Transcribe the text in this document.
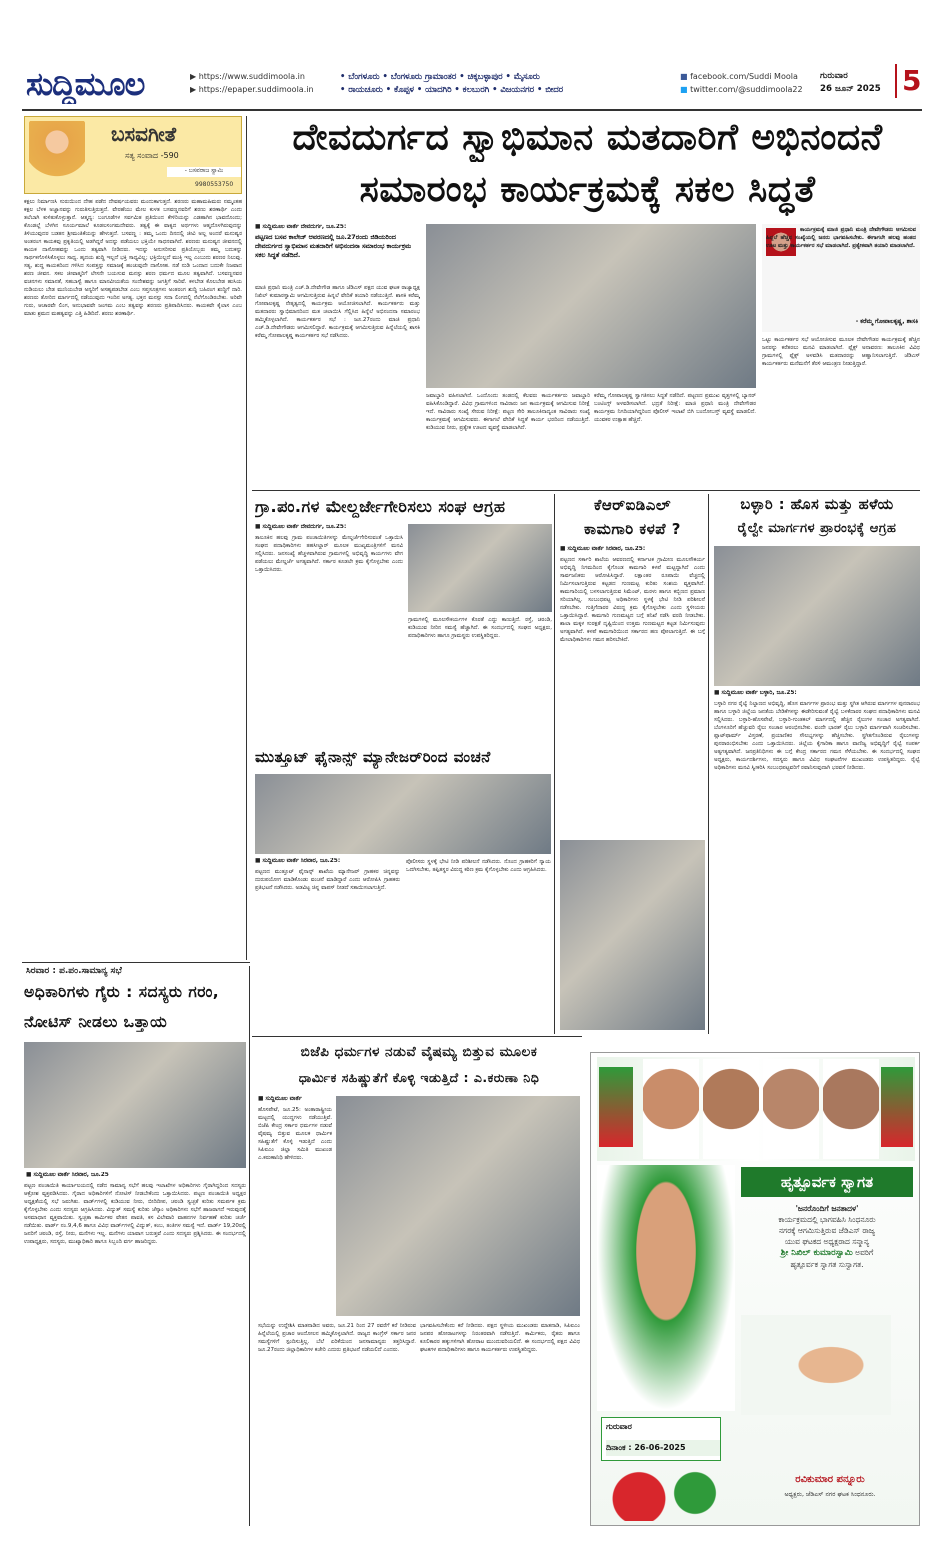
ಸುದ್ದಿಮೂಲ	▶ https://www.suddimoola.in
▶ https://epaper.suddimoola.in
• ಬೆಂಗಳೂರು • ಬೆಂಗಳೂರು ಗ್ರಾಮಾಂತರ • ಚಿಕ್ಕಬಳ್ಳಾಪುರ • ಮೈಸೂರು
• ರಾಯಚೂರು • ಕೊಪ್ಪಳ • ಯಾದಗಿರಿ • ಕಲಬುರಗಿ • ವಿಜಯನಗರ • ಬೀದರ
■ facebook.com/Suddi Moola
■ twitter.com/@suddimoola22
ಗುರುವಾರ
26 ಜೂನ್ 2025 5
ಬಸವಗೀತೆ
ಸತ್ಯ ಸಂವಾದ -590
- ಬಸವರಾಜ ಸ್ವಾಮಿ
9980553750
ಕಕ್ಷಲು ನಿರ್ಮಾಣಸಿ ಸುರುಯಿಂದ ದೇಹ ಪಡೆದ ದೇವರ್ಷಯವರು ಮಂದುಕಾಗುತ್ತದೆ. ಶರಣರು ಮಹಾಮಹಿಮರು ನಮ್ಮಂತಹ ಕಕ್ಷಲ ಬೆಳಕ ಅಜ್ಞಾನವನ್ನು ಗುರುತಿಸುತ್ತಿರುತ್ತದೆ. ವೇರಹೆಯು ಮೇಲ ಕುಳತ ಬಸವಣ್ಣನವರಿಗೆ ಶರಣು ಶರಣಾರ್ಥಿ ಎಂದು ತಲೆಬಾಗಿ ಕುಳಿತುಕೊಳ್ಳುತ್ತಾನೆ. ಆತ್ಮದ್ಯ: ಬಂಗೂಡೆಗಳ ಸರ್ವಮಿತ ಪ್ರತಿಯಿಂದ ಕೇಳಿರಿಯನ್ನು ಎಡಹಾಗಿನ ಭಾವದೊಂದು; ಕೊಂಡಲ್ಲೆ ಬೆಳಗಿನ ಸೂರ್ಯಮಾಲೆ ಕೂಡಲಸಂಗಮದೇವರು. ತತ್ವಕ್ಕೆ ಈ ವಾಕ್ಯದ ಅರ್ಥಗಳು ಆತ್ಮದೊಳಗಿರುವುದನ್ನು ತಿಳಿಯುವುದರ ಬಡತನ ಶ್ರೀಮಂತಿಕೆಯನ್ನು ಹೇಳುತ್ತದೆ. ಬಸವಣ್ಣ : ತಮ್ಮ ಒಂದು ದಿನದಲ್ಲಿ ಜೀವಿ ಅಲ್ಲ ಅಂದರೆ ಮನುಷ್ಯರ ಅಂತರಂಗ ಕಾಯಕವು ಪ್ರಕೃತಿಯಲ್ಲಿ ಅಡಗಿದ್ದರೆ ಅದನ್ನು ಪಡೆಯಲು ಭಕ್ತಿಯೇ ಸಾಧನವಾಗಿದೆ. ಶರಣರು ಮನುಷ್ಯನ ಜೀವನದಲ್ಲಿ ಕಾಯಕ ದಾಸೋಹವನ್ನು ಒಂದು ತತ್ವವಾಗಿ ನೀಡಿದರು. ಇದನ್ನು ಅನುಸರಿಸುವ ಪ್ರತಿಯೊಬ್ಬರು ತಮ್ಮ ಬದುಕನ್ನು ಸಾರ್ಥಕಗೊಳಿಸಿಕೊಳ್ಳಲು ಸಾಧ್ಯ. ಹೃದಯ ಶುದ್ಧಿ ಇಲ್ಲದೆ ಭಕ್ತಿ ಸಾಧ್ಯವಿಲ್ಲ; ಭಕ್ತಿಯಿಲ್ಲದೆ ಮುಕ್ತಿ ಇಲ್ಲ ಎಂಬುದು ಶರಣರ ನಿಲುವು. ಸತ್ಯ, ಶುದ್ಧ ಕಾಯಕದಿಂದ ಗಳಿಸಿದ ಸಂಪತ್ತನ್ನು ಸಮಾಜಕ್ಕೆ ಹಂಚುವುದೇ ದಾಸೋಹ. ನಡೆ ನುಡಿ ಒಂದಾದ ಬದುಕೇ ನಿಜವಾದ ಶರಣ ಜೀವನ. ಸಕಲ ಜೀವಾತ್ಮರಿಗೆ ಲೇಸನೇ ಬಯಸುವ ಮನಸ್ಸು ಶರಣ ಧರ್ಮದ ಮೂಲ ತತ್ವವಾಗಿದೆ. ಬಸವಣ್ಣನವರ ವಚನಗಳು ಸಮಾನತೆ, ಸಹಬಾಳ್ವೆ ಹಾಗೂ ಮಾನವೀಯತೆಯ ಸಂದೇಶವನ್ನು ಜಗತ್ತಿಗೆ ಸಾರಿವೆ. ಕಳಬೇಡ ಕೊಲಬೇಡ ಹುಸಿಯ ನುಡಿಯಲು ಬೇಡ ಮುನಿಯಬೇಡ ಅನ್ಯರಿಗೆ ಅಸಹ್ಯಪಡಬೇಡ ಎಂಬ ಸಪ್ತಸೂತ್ರಗಳು ಅಂತರಂಗ ಶುದ್ಧಿ ಬಹಿರಂಗ ಶುದ್ಧಿಗೆ ದಾರಿ. ಶರಣರು ತೋರಿದ ಮಾರ್ಗದಲ್ಲಿ ನಡೆಯುವುದು ಇಂದಿನ ಅಗತ್ಯ. ಭಕ್ತನ ಮನಸ್ಸು ಸದಾ ಲಿಂಗದಲ್ಲಿ ನೆಲೆಗೊಂಡಿರಬೇಕು. ಅರಿವೇ ಗುರು, ಆಚಾರವೇ ಲಿಂಗ, ಅನುಭಾವವೇ ಜಂಗಮ ಎಂಬ ತತ್ವವನ್ನು ಶರಣರು ಪ್ರತಿಪಾದಿಸಿದರು. ಕಾಯಕವೇ ಕೈಲಾಸ ಎಂಬ ಮಾತು ಶ್ರಮದ ಮಹತ್ವವನ್ನು ಎತ್ತಿ ಹಿಡಿದಿದೆ. ಶರಣು ಶರಣಾರ್ಥಿ.
ದೇವದುರ್ಗದ ಸ್ವಾಭಿಮಾನ ಮತದಾರಿಗೆ ಅಭಿನಂದನೆ
ಸಮಾರಂಭ ಕಾರ್ಯಕ್ರಮಕ್ಕೆ ಸಕಲ ಸಿದ್ಧತೆ
■ ಸುದ್ದಿಮೂಲ ವಾರ್ತೆ ದೇವದುರ್ಗ, ಜೂ.25:
ಪಟ್ಟಣದ ಬಸವ ಕಾಲೇಜ್ ಆವರಣದಲ್ಲಿ ಜೂ.27ರಂದು ಜಿಡಿಯರಿಂದ ದೇವದುರ್ಗದ ಸ್ವಾಭಿಮಾನ ಮತದಾರಿಗೆ ಅಭಿನಂದನಾ ಸಮಾರಂಭ ಕಾರ್ಯಕ್ರಮ ಸಕಲ ಸಿದ್ಧತೆ ನಡೆದಿದೆ.
ಮಾಜಿ ಪ್ರಧಾನಿ ಮಂತ್ರಿ ಎಚ್.ಡಿ.ದೇವೇಗೌಡ ಹಾಗೂ ಜೆಡಿಎಸ್ ಪಕ್ಷದ ಯುವ ಘಟಕ ರಾಜ್ಯಾಧ್ಯಕ್ಷ ನಿಖಿಲ್ ಕುಮಾರಸ್ವಾಮಿ ಆಗಮಿಸುತ್ತಿರುವ ಹಿನ್ನಲೆ ವೇದಿಕೆ ತಯಾರಿ ನಡೆಯುತ್ತಿದೆ. ಶಾಸಕಿ ಕರೆಮ್ಮ ಗೋಪಾಲಕೃಷ್ಣ ನೇತೃತ್ವದಲ್ಲಿ ಕಾರ್ಯಕ್ರಮ ಆಯೋಜಿಸಲಾಗಿದೆ. ಕಾರ್ಯಕರ್ತರು ಮತ್ತು ಮತದಾರರು ಸ್ವಾಭಿಮಾನದಿಂದ ಮತ ಚಲಾಯಿಸಿ ಗೆಲ್ಲಿಸಿದ ಹಿನ್ನೆಲೆ ಅಭಿನಂದನಾ ಸಮಾರಂಭ ಹಮ್ಮಿಕೊಳ್ಳಲಾಗಿದೆ. ಕಾರ್ಯಕರ್ತರ ಸಭೆ : ಜೂ.27ರಂದು ಮಾಜಿ ಪ್ರಧಾನಿ ಎಚ್.ಡಿ.ದೇವೇಗೌಡರು ಆಗಮಿಸಲಿದ್ದಾರೆ. ಕಾರ್ಯಕ್ರಮಕ್ಕೆ ಆಗಮಿಸುತ್ತಿರುವ ಹಿನ್ನೆಲೆಯಲ್ಲಿ ಶಾಸಕಿ ಕರೆಮ್ಮ ಗೋಪಾಲಕೃಷ್ಣ ಕಾರ್ಯಕರ್ತರ ಸಭೆ ನಡೆಸಿದರು.
ಜವಾಬ್ದಾರಿ ವಹಿಸಲಾಗಿದೆ. ಒಂದೊಂದು ತಂಡದಲ್ಲಿ ಕೆಲವರು ಕಾರ್ಯಕರ್ತರು ಜವಾಬ್ದಾರಿ ವಹಿಸಿಕೊಂಡಿದ್ದಾರೆ. ವಿವಿಧ ಗ್ರಾಮಗಳಿಂದ ಸಾವಿರಾರು ಜನ ಕಾರ್ಯಕ್ರಮಕ್ಕೆ ಆಗಮಿಸುವ ನಿರೀಕ್ಷೆ ಇದೆ. ಸಾವಿರಾರು ಸಂಖ್ಯೆ ಸೇರುವ ನಿರೀಕ್ಷೆ: ಪಟ್ಟಣ ಸೇರಿ ತಾಲೂಕಿನಾದ್ಯಂತ ಸಾವಿರಾರು ಸಂಖ್ಯೆ ಕಾರ್ಯಕ್ರಮಕ್ಕೆ ಆಗಮಿಸುವರು. ಈಗಾಗಲೆ ವೇದಿಕೆ ಸಿದ್ಧತೆ ಕಾರ್ಯ ಭರದಿಂದ ನಡೆಯುತ್ತಿದೆ. ಕುಡಿಯುವ ನೀರು, ಪ್ರತ್ಯೇಕ ಊಟದ ವ್ಯವಸ್ಥೆ ಮಾಡಲಾಗಿದೆ.
ಕರೆಮ್ಮ ಗೋಪಾಲಕೃಷ್ಣ ಸ್ವಾಗತಿಸಲು ಸಿದ್ಧತೆ ನಡೆದಿದೆ. ಪಟ್ಟಣದ ಪ್ರಮುಖ ವೃತ್ತಗಳಲ್ಲಿ ಬ್ಯಾನರ್ ಬಂಟಿಂಗ್ಸ್ ಅಳವಡಿಸಲಾಗಿದೆ. ಭದ್ರತೆ ನಿರೀಕ್ಷೆ: ಮಾಜಿ ಪ್ರಧಾನಿ ಮಂತ್ರಿ ದೇವೇಗೌಡರ ಕಾರ್ಯಕ್ರಮ ನಿಗದಿಯಾಗಿದ್ದರಿಂದ ಪೊಲೀಸ್ ಇಲಾಖೆ ಬಿಗಿ ಬಂದೋಬಸ್ತ್ ವ್ಯವಸ್ಥೆ ಮಾಡಲಿದೆ. ಯುವಕರ ಉತ್ಸಾಹ ಹೆಚ್ಚಿದೆ.
ಕಾರ್ಯಕ್ರಮಕ್ಕೆ ಮಾಜಿ ಪ್ರಧಾನಿ ಮಂತ್ರಿ ದೇವೇಗೌಡರು ಆಗಮಿಸುವ ಹಿನ್ನಲೆ ಹೆಚ್ಚಿನ ಸಂಖ್ಯೆಯಲ್ಲಿ ಜನರು ಭಾಗವಹಿಸಬೇಕು. ಈಗಾಗಲೇ ಹಲವು ಹಂತದ ಊಟ ಮತ್ತು ಕಾರ್ಯಕರ್ತರ ಸಭೆ ಮಾಡಲಾಗಿದೆ. ಪ್ರತ್ಯೇಕವಾಗಿ ತಯಾರಿ ಮಾಡಲಾಗಿದೆ.
- ಕರೆಮ್ಮ ಗೋಪಾಲಕೃಷ್ಣ, ಶಾಸಕಿ
ಒಟ್ಟು ಕಾರ್ಯಕರ್ತರ ಸಭೆ ಆಯೋಜಿಸುವ ಮೂಲಕ ದೇವೇಗೌಡರ ಕಾರ್ಯಕ್ರಮಕ್ಕೆ ಹೆಚ್ಚಿನ ಜನರನ್ನು ಕರೆತರಲು ಮನವಿ ಮಾಡಲಾಗಿದೆ. ಫ್ಲೆಕ್ಸ್ ಅನಾವರಣ: ತಾಲೂಕಿನ ವಿವಿಧ ಗ್ರಾಮಗಳಲ್ಲಿ ಫ್ಲೆಕ್ಸ್ ಅಳವಡಿಸಿ ಮತದಾರರನ್ನು ಆಹ್ವಾನಿಸಲಾಗುತ್ತಿದೆ. ಜೆಡಿಎಸ್ ಕಾರ್ಯಕರ್ತರು ಮನೆಮನೆಗೆ ತೆರಳಿ ಆಮಂತ್ರಣ ನೀಡುತ್ತಿದ್ದಾರೆ.
ಗ್ರಾ.ಪಂ.ಗಳ ಮೇಲ್ದರ್ಜೇಗೇರಿಸಲು ಸಂಘ ಆಗ್ರಹ
■ ಸುದ್ದಿಮೂಲ ವಾರ್ತೆ ದೇವದುರ್ಗ, ಜೂ.25:
ತಾಲೂಕಿನ ಹಲವು ಗ್ರಾಮ ಪಂಚಾಯಿತಿಗಳನ್ನು ಮೇಲ್ದರ್ಜೆಗೇರಿಸುವಂತೆ ಒತ್ತಾಯಿಸಿ ಸಂಘದ ಪದಾಧಿಕಾರಿಗಳು ತಹಸೀಲ್ದಾರ್ ಮೂಲಕ ಮುಖ್ಯಮಂತ್ರಿಗಳಿಗೆ ಮನವಿ ಸಲ್ಲಿಸಿದರು. ಜನಸಂಖ್ಯೆ ಹೆಚ್ಚಳವಾಗಿರುವ ಗ್ರಾಮಗಳಲ್ಲಿ ಅಭಿವೃದ್ಧಿ ಕಾರ್ಯಗಳು ವೇಗ ಪಡೆಯಲು ಮೇಲ್ದರ್ಜೆ ಅಗತ್ಯವಾಗಿದೆ. ಸರ್ಕಾರ ಕೂಡಲೇ ಕ್ರಮ ಕೈಗೊಳ್ಳಬೇಕು ಎಂದು ಒತ್ತಾಯಿಸಿದರು.
ಗ್ರಾಮಗಳಲ್ಲಿ ಮೂಲಸೌಕರ್ಯಗಳ ಕೊರತೆ ಎದ್ದು ಕಾಣುತ್ತಿದೆ. ರಸ್ತೆ, ಚರಂಡಿ, ಕುಡಿಯುವ ನೀರಿನ ಸಮಸ್ಯೆ ಹೆಚ್ಚಾಗಿದೆ. ಈ ಸಂದರ್ಭದಲ್ಲಿ ಸಂಘದ ಅಧ್ಯಕ್ಷರು, ಪದಾಧಿಕಾರಿಗಳು ಹಾಗೂ ಗ್ರಾಮಸ್ಥರು ಉಪಸ್ಥಿತರಿದ್ದರು.
ಮುತ್ತೂಟ್ ಫೈನಾನ್ಸ್ ಮ್ಯಾನೇಜರ್‌ರಿಂದ ವಂಚನೆ
■ ಸುದ್ದಿಮೂಲ ವಾರ್ತೆ ಸಿರವಾರ, ಜೂ.25:
ಪಟ್ಟಣದ ಮುತ್ತೂಟ್ ಫೈನಾನ್ಸ್ ಶಾಖೆಯ ಮ್ಯಾನೇಜರ್ ಗ್ರಾಹಕರ ಚಿನ್ನವನ್ನು ದುರುಪಯೋಗ ಮಾಡಿಕೊಂಡು ವಂಚನೆ ಮಾಡಿದ್ದಾರೆ ಎಂದು ಆರೋಪಿಸಿ ಗ್ರಾಹಕರು ಪ್ರತಿಭಟನೆ ನಡೆಸಿದರು. ಅಡವಿಟ್ಟ ಚಿನ್ನ ವಾಪಸ್ ನೀಡದೆ ಸತಾಯಿಸಲಾಗುತ್ತಿದೆ.
ಪೊಲೀಸರು ಸ್ಥಳಕ್ಕೆ ಭೇಟಿ ನೀಡಿ ಪರಿಶೀಲನೆ ನಡೆಸಿದರು. ನೊಂದ ಗ್ರಾಹಕರಿಗೆ ನ್ಯಾಯ ಒದಗಿಸಬೇಕು, ತಪ್ಪಿತಸ್ಥರ ವಿರುದ್ಧ ಕಠಿಣ ಕ್ರಮ ಕೈಗೊಳ್ಳಬೇಕು ಎಂದು ಆಗ್ರಹಿಸಿದರು.
ಕೆಆರ್‌ಐಡಿಎಲ್
ಕಾಮಗಾರಿ ಕಳಪೆ ?
■ ಸುದ್ದಿಮೂಲ ವಾರ್ತೆ ಸಿರವಾರ, ಜೂ.25:
ಪಟ್ಟಣದ ಸರ್ಕಾರಿ ಶಾಲೆಯ ಆವರಣದಲ್ಲಿ ಕರ್ನಾಟಕ ಗ್ರಾಮೀಣ ಮೂಲಸೌಕರ್ಯ ಅಭಿವೃದ್ಧಿ ನಿಗಮದಿಂದ ಕೈಗೊಂಡ ಕಾಮಗಾರಿ ಕಳಪೆ ಮಟ್ಟದ್ದಾಗಿದೆ ಎಂದು ಸಾರ್ವಜನಿಕರು ಆರೋಪಿಸಿದ್ದಾರೆ. ಲಕ್ಷಾಂತರ ರೂಪಾಯಿ ವೆಚ್ಚದಲ್ಲಿ ನಿರ್ಮಿಸಲಾಗುತ್ತಿರುವ ಕಟ್ಟಡದ ಗುಣಮಟ್ಟ ಕುರಿತು ಸಂಶಯ ವ್ಯಕ್ತವಾಗಿದೆ. ಕಾಮಗಾರಿಯಲ್ಲಿ ಬಳಸಲಾಗುತ್ತಿರುವ ಸಿಮೆಂಟ್, ಮರಳು ಹಾಗೂ ಕಬ್ಬಿಣದ ಪ್ರಮಾಣ ಸರಿಯಾಗಿಲ್ಲ. ಸಂಬಂಧಪಟ್ಟ ಅಧಿಕಾರಿಗಳು ಸ್ಥಳಕ್ಕೆ ಭೇಟಿ ನೀಡಿ ಪರಿಶೀಲನೆ ನಡೆಸಬೇಕು. ಗುತ್ತಿಗೆದಾರರ ವಿರುದ್ಧ ಕ್ರಮ ಕೈಗೊಳ್ಳಬೇಕು ಎಂದು ಸ್ಥಳೀಯರು ಒತ್ತಾಯಿಸಿದ್ದಾರೆ. ಕಾಮಗಾರಿ ಗುಣಮಟ್ಟದ ಬಗ್ಗೆ ತನಿಖೆ ನಡೆಸಿ ವರದಿ ನೀಡಬೇಕು. ಶಾಲಾ ಮಕ್ಕಳ ಸುರಕ್ಷತೆ ದೃಷ್ಟಿಯಿಂದ ಉತ್ತಮ ಗುಣಮಟ್ಟದ ಕಟ್ಟಡ ನಿರ್ಮಿಸುವುದು ಅಗತ್ಯವಾಗಿದೆ. ಕಳಪೆ ಕಾಮಗಾರಿಯಿಂದ ಸರ್ಕಾರದ ಹಣ ಪೋಲಾಗುತ್ತಿದೆ. ಈ ಬಗ್ಗೆ ಮೇಲಾಧಿಕಾರಿಗಳು ಗಮನ ಹರಿಸಬೇಕಿದೆ.
ಬಳ್ಳಾರಿ : ಹೊಸ ಮತ್ತು ಹಳೆಯ
ರೈಲ್ವೇ ಮಾರ್ಗಗಳ ಪ್ರಾರಂಭಕ್ಕೆ ಆಗ್ರಹ
■ ಸುದ್ದಿಮೂಲ ವಾರ್ತೆ ಬಳ್ಳಾರಿ, ಜೂ.25:
ಬಳ್ಳಾರಿ ನಗರ ರೈಲ್ವೆ ನಿಲ್ದಾಣದ ಅಭಿವೃದ್ಧಿ, ಹೊಸ ಮಾರ್ಗಗಳ ಪ್ರಾರಂಭ ಮತ್ತು ಸ್ಥಗಿತ ಆಗಿರುವ ಮಾರ್ಗಗಳ ಪುನರಾರಂಭ ಹಾಗೂ ಬಳ್ಳಾರಿ ಜಿಲ್ಲೆಯ ಜನತೆಯ ಬೇಡಿಕೆಗಳನ್ನು ಈಡೇರಿಸುವಂತೆ ರೈಲ್ವೆ ಬಳಕೆದಾರರ ಸಂಘದ ಪದಾಧಿಕಾರಿಗಳು ಮನವಿ ಸಲ್ಲಿಸಿದರು. ಬಳ್ಳಾರಿ-ಹೊಸಪೇಟೆ, ಬಳ್ಳಾರಿ-ಗುಂತಕಲ್ ಮಾರ್ಗದಲ್ಲಿ ಹೆಚ್ಚಿನ ರೈಲುಗಳ ಸಂಚಾರ ಅಗತ್ಯವಾಗಿದೆ. ಬೆಂಗಳೂರಿಗೆ ಹೆಚ್ಚುವರಿ ರೈಲು ಸಂಚಾರ ಆರಂಭಿಸಬೇಕು. ವಂದೇ ಭಾರತ್ ರೈಲು ಬಳ್ಳಾರಿ ಮಾರ್ಗವಾಗಿ ಸಂಚರಿಸಬೇಕು. ಪ್ಲಾಟ್‌ಫಾರ್ಮ್ ವಿಸ್ತರಣೆ, ಪ್ರಯಾಣಿಕರ ಸೌಲಭ್ಯಗಳನ್ನು ಹೆಚ್ಚಿಸಬೇಕು. ಸ್ಥಗಿತಗೊಂಡಿರುವ ರೈಲುಗಳನ್ನು ಪುನರಾರಂಭಿಸಬೇಕು ಎಂದು ಒತ್ತಾಯಿಸಿದರು. ಜಿಲ್ಲೆಯ ಕೈಗಾರಿಕಾ ಹಾಗೂ ವಾಣಿಜ್ಯ ಅಭಿವೃದ್ಧಿಗೆ ರೈಲ್ವೆ ಸಂಪರ್ಕ ಅತ್ಯಗತ್ಯವಾಗಿದೆ. ಜನಪ್ರತಿನಿಧಿಗಳು ಈ ಬಗ್ಗೆ ಕೇಂದ್ರ ಸರ್ಕಾರದ ಗಮನ ಸೆಳೆಯಬೇಕು. ಈ ಸಂದರ್ಭದಲ್ಲಿ ಸಂಘದ ಅಧ್ಯಕ್ಷರು, ಕಾರ್ಯದರ್ಶಿಗಳು, ಸದಸ್ಯರು ಹಾಗೂ ವಿವಿಧ ಸಂಘಟನೆಗಳ ಮುಖಂಡರು ಉಪಸ್ಥಿತರಿದ್ದರು. ರೈಲ್ವೆ ಅಧಿಕಾರಿಗಳು ಮನವಿ ಸ್ವೀಕರಿಸಿ ಸಂಬಂಧಪಟ್ಟವರಿಗೆ ರವಾನಿಸುವುದಾಗಿ ಭರವಸೆ ನೀಡಿದರು.
ಸಿರವಾರ : ಪ.ಪಂ.ಸಾಮಾನ್ಯ ಸಭೆ
ಅಧಿಕಾರಿಗಳು ಗೈರು : ಸದಸ್ಯರು ಗರಂ,
ನೋಟಿಸ್ ನೀಡಲು ಒತ್ತಾಯ
■ ಸುದ್ದಿಮೂಲ ವಾರ್ತೆ ಸಿರವಾರ, ಜೂ.25
ಪಟ್ಟಣ ಪಂಚಾಯಿತಿ ಕಾರ್ಯಾಲಯದಲ್ಲಿ ನಡೆದ ಸಾಮಾನ್ಯ ಸಭೆಗೆ ಹಲವು ಇಲಾಖೆಗಳ ಅಧಿಕಾರಿಗಳು ಗೈರಾಗಿದ್ದರಿಂದ ಸದಸ್ಯರು ಆಕ್ರೋಶ ವ್ಯಕ್ತಪಡಿಸಿದರು. ಗೈರಾದ ಅಧಿಕಾರಿಗಳಿಗೆ ನೋಟಿಸ್ ನೀಡಬೇಕೆಂದು ಒತ್ತಾಯಿಸಿದರು. ಪಟ್ಟಣ ಪಂಚಾಯಿತಿ ಅಧ್ಯಕ್ಷರ ಅಧ್ಯಕ್ಷತೆಯಲ್ಲಿ ಸಭೆ ಜರುಗಿತು. ವಾರ್ಡ್‌ಗಳಲ್ಲಿ ಕುಡಿಯುವ ನೀರು, ಬೀದಿದೀಪ, ಚರಂಡಿ ಸ್ವಚ್ಛತೆ ಕುರಿತು ಸಮರ್ಪಕ ಕ್ರಮ ಕೈಗೊಳ್ಳಬೇಕು ಎಂದು ಸದಸ್ಯರು ಆಗ್ರಹಿಸಿದರು. ವಿದ್ಯುತ್ ಸಮಸ್ಯೆ ಕುರಿತು ಜೆಸ್ಕಾಂ ಅಧಿಕಾರಿಗಳು ಸಭೆಗೆ ಹಾಜರಾಗದೆ ಇರುವುದಕ್ಕೆ ಅಸಮಾಧಾನ ವ್ಯಕ್ತವಾಯಿತು. ಸ್ವಚ್ಛತಾ ಕಾರ್ಮಿಕರ ವೇತನ ಪಾವತಿ, ಕಸ ವಿಲೇವಾರಿ ವಾಹನಗಳ ನಿರ್ವಹಣೆ ಕುರಿತು ಚರ್ಚೆ ನಡೆಯಿತು. ವಾರ್ಡ್ ನಂ.9,4,6 ಹಾಗೂ ವಿವಿಧ ವಾರ್ಡ್‌ಗಳಲ್ಲಿ ವಿದ್ಯುತ್, ಕಂಬ, ತಂತಿಗಳ ಸಮಸ್ಯೆ ಇದೆ. ವಾರ್ಡ್ 19,20ರಲ್ಲಿ ಜನರಿಗೆ ಚರಂಡಿ, ರಸ್ತೆ, ನೀರು, ಮನೆಗಳು ಇಲ್ಲ. ಮನೆಗಳು ಯಾವಾಗ ಬರುತ್ತವೆ ಎಂದು ಸದಸ್ಯರು ಪ್ರಶ್ನಿಸಿದರು. ಈ ಸಂದರ್ಭದಲ್ಲಿ ಉಪಾಧ್ಯಕ್ಷರು, ಸದಸ್ಯರು, ಮುಖ್ಯಾಧಿಕಾರಿ ಹಾಗೂ ಸಿಬ್ಬಂದಿ ವರ್ಗ ಹಾಜರಿದ್ದರು.
ಬಿಜೆಪಿ ಧರ್ಮಗಳ ನಡುವೆ ವೈಷಮ್ಯ ಬಿತ್ತುವ ಮೂಲಕ
ಧಾರ್ಮಿಕ ಸಹಿಷ್ಣುತೆಗೆ ಕೊಳ್ಳಿ ಇಡುತ್ತಿದೆ : ಎ.ಕರುಣಾ ನಿಧಿ
■ ಸುದ್ದಿಮೂಲ ವಾರ್ತೆ
ಹೊಸಪೇಟೆ, ಜೂ.25: ಅಂತಾರಾಷ್ಟ್ರೀಯ ಮಟ್ಟದಲ್ಲಿ ಯುದ್ಧಗಳು ನಡೆಯುತ್ತಿವೆ. ಬಿಜೆಪಿ ಕೇಂದ್ರ ಸರ್ಕಾರ ಧರ್ಮಗಳ ನಡುವೆ ವೈಷಮ್ಯ ಬಿತ್ತುವ ಮೂಲಕ ಧಾರ್ಮಿಕ ಸಹಿಷ್ಣುತೆಗೆ ಕೊಳ್ಳಿ ಇಡುತ್ತಿದೆ ಎಂದು ಸಿಪಿಐಎಂ ಜಿಲ್ಲಾ ಸಮಿತಿ ಮುಖಂಡ ಎ.ಕರುಣಾನಿಧಿ ಹೇಳಿದರು.
ಸಭೆಯನ್ನು ಉದ್ದೇಶಿಸಿ ಮಾತನಾಡಿದ ಅವರು, ಜೂ.21 ರಿಂದ 27 ರವರೆಗೆ ಕರೆ ನೀಡಿರುವ ಹಿನ್ನೆಲೆಯಲ್ಲಿ ಪ್ರಚಾರ ಆಂದೋಲನ ಹಮ್ಮಿಕೊಳ್ಳಲಾಗಿದೆ. ರಾಜ್ಯದ ಕಾಂಗ್ರೆಸ್ ಸರ್ಕಾರ ಜನರ ಸಮಸ್ಯೆಗಳಿಗೆ ಸ್ಪಂದಿಸುತ್ತಿಲ್ಲ. ಬೆಲೆ ಏರಿಕೆಯಿಂದ ಜನಸಾಮಾನ್ಯರು ತತ್ತರಿಸಿದ್ದಾರೆ. ಜೂ.27ರಂದು ಜಿಲ್ಲಾಧಿಕಾರಿಗಳ ಕಚೇರಿ ಎದುರು ಪ್ರತಿಭಟನೆ ನಡೆಯಲಿದೆ ಎಂದರು.
ಭಾಗವಹಿಸಬೇಕೆಂದು ಕರೆ ನೀಡಿದರು. ಪಕ್ಷದ ಸ್ಥಳೀಯ ಮುಖಂಡರು ಮಾತನಾಡಿ, ಸಿಪಿಐಎಂ ಜನಪರ ಹೋರಾಟಗಳನ್ನು ನಿರಂತರವಾಗಿ ನಡೆಸುತ್ತಿದೆ. ಕಾರ್ಮಿಕರು, ರೈತರು ಹಾಗೂ ಕೂಲಿಕಾರರ ಹಕ್ಕುಗಳಿಗಾಗಿ ಹೋರಾಟ ಮುಂದುವರಿಯಲಿದೆ. ಈ ಸಂದರ್ಭದಲ್ಲಿ ಪಕ್ಷದ ವಿವಿಧ ಘಟಕಗಳ ಪದಾಧಿಕಾರಿಗಳು ಹಾಗೂ ಕಾರ್ಯಕರ್ತರು ಉಪಸ್ಥಿತರಿದ್ದರು.
ಹೃತ್ಪೂರ್ವಕ ಸ್ವಾಗತ
'ಜನರೊಂದಿಗೆ ಜನತಾದಳ'
ಕಾರ್ಯಕ್ರಮದಲ್ಲಿ ಭಾಗವಹಿಸಿ ಸಿಂಧನೂರು
ನಗರಕ್ಕೆ ಆಗಮಿಸುತ್ತಿರುವ ಜೆಡಿಎಸ್ ರಾಜ್ಯ
ಯುವ ಘಟಕದ ಅಧ್ಯಕ್ಷರಾದ ಸನ್ಮಾನ್ಯ
ಶ್ರೀ ನಿಖಿಲ್ ಕುಮಾರಸ್ವಾಮಿ ಅವರಿಗೆ
ಹೃತ್ಪೂರ್ವಕ ಸ್ವಾಗತ ಸುಸ್ವಾಗತ.
ಗುರುವಾರ
ದಿನಾಂಕ : 26-06-2025
ರವಿಕುಮಾರ ಪನ್ನೂರು
ಅಧ್ಯಕ್ಷರು, ಜೆಡಿಎಸ್ ನಗರ ಘಟಕ ಸಿಂಧನೂರು.
